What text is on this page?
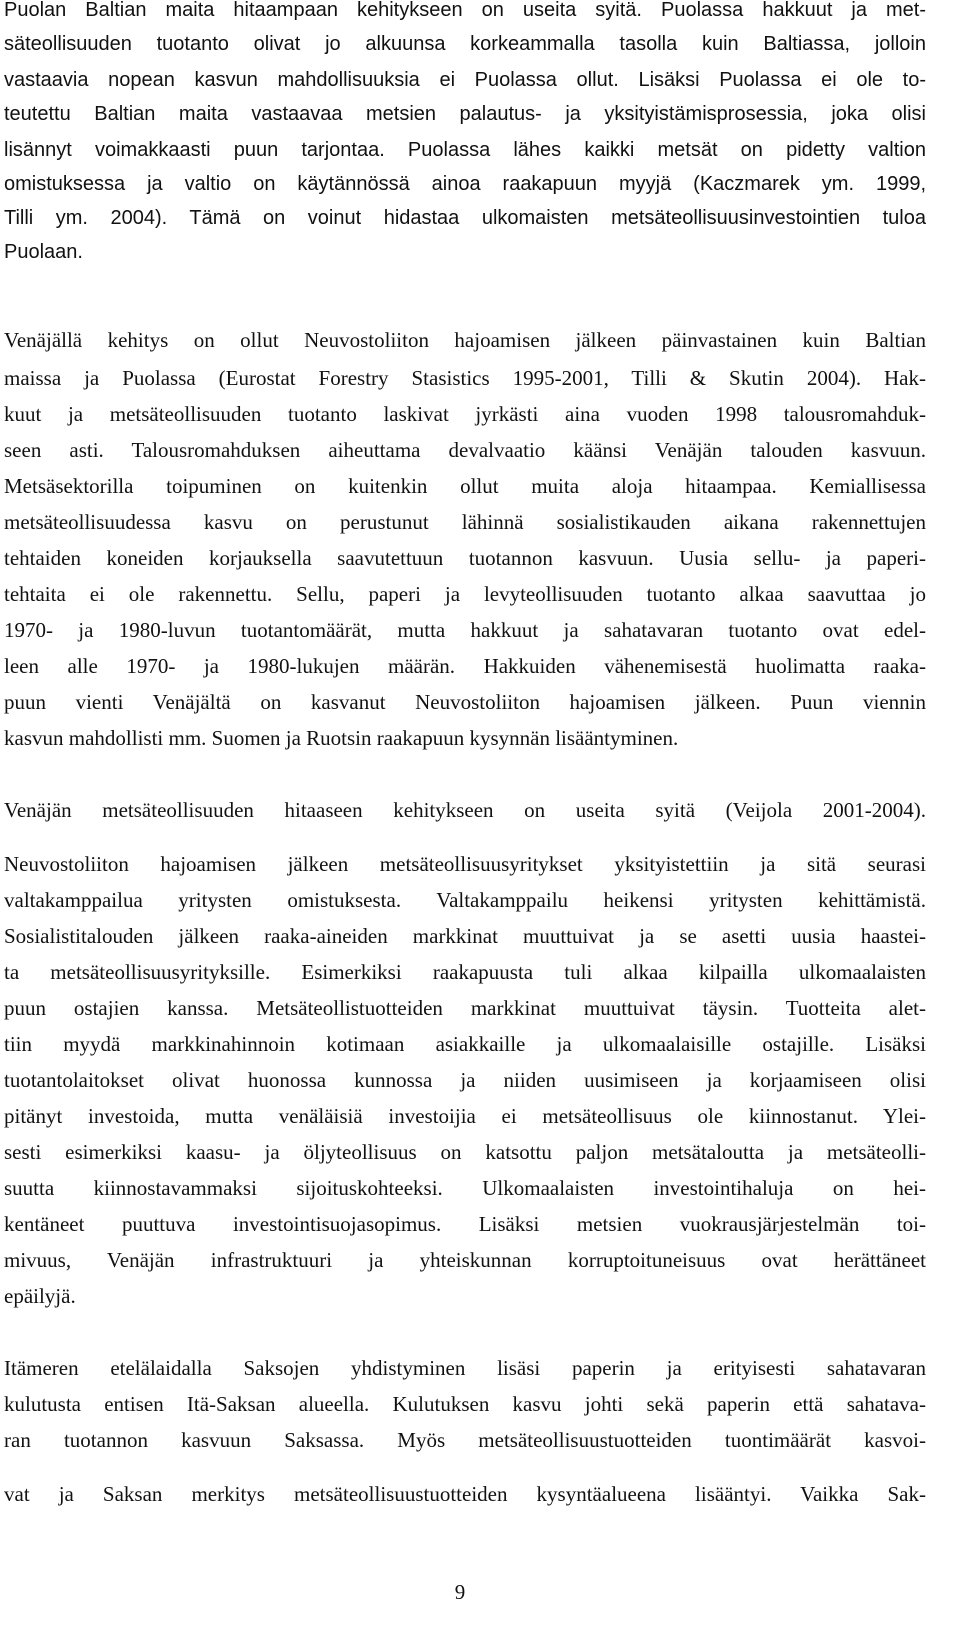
Puolan Baltian maita hitaampaan kehitykseen on useita syitä. Puolassa hakkuut ja met-
säteollisuuden tuotanto olivat jo alkuunsa korkeammalla tasolla kuin Baltiassa, jolloin
vastaavia nopean kasvun mahdollisuuksia ei Puolassa ollut. Lisäksi Puolassa ei ole to-
teutettu Baltian maita vastaavaa metsien palautus- ja yksityistämisprosessia, joka olisi
lisännyt voimakkaasti puun tarjontaa. Puolassa lähes kaikki metsät on pidetty valtion
omistuksessa ja valtio on käytännössä ainoa raakapuun myyjä (Kaczmarek ym. 1999,
Tilli ym. 2004). Tämä on voinut hidastaa ulkomaisten metsäteollisuusinvestointien tuloa
Puolaan.
Venäjällä kehitys on ollut Neuvostoliiton hajoamisen jälkeen päinvastainen kuin Baltian
maissa ja Puolassa (Eurostat Forestry Stasistics 1995-2001, Tilli & Skutin 2004). Hak-
kuut ja metsäteollisuuden tuotanto laskivat jyrkästi aina vuoden 1998 talousromahduk-
seen asti. Talousromahduksen aiheuttama devalvaatio käänsi Venäjän talouden kasvuun.
Metsäsektorilla toipuminen on kuitenkin ollut muita aloja hitaampaa. Kemiallisessa
metsäteollisuudessa kasvu on perustunut lähinnä sosialistikauden aikana rakennettujen
tehtaiden koneiden korjauksella saavutettuun tuotannon kasvuun. Uusia sellu- ja paperi-
tehtaita ei ole rakennettu. Sellu, paperi ja levyteollisuuden tuotanto alkaa saavuttaa jo
1970- ja 1980-luvun tuotantomäärät, mutta hakkuut ja sahatavaran tuotanto ovat edel-
leen alle 1970- ja 1980-lukujen määrän. Hakkuiden vähenemisestä huolimatta raaka-
puun vienti Venäjältä on kasvanut Neuvostoliiton hajoamisen jälkeen. Puun viennin
kasvun mahdollisti mm. Suomen ja Ruotsin raakapuun kysynnän lisääntyminen.
Venäjän metsäteollisuuden hitaaseen kehitykseen on useita syitä (Veijola 2001-2004).
Neuvostoliiton hajoamisen jälkeen metsäteollisuusyritykset yksityistettiin ja sitä seurasi
valtakamppailua yritysten omistuksesta. Valtakamppailu heikensi yritysten kehittämistä.
Sosialistitalouden jälkeen raaka-aineiden markkinat muuttuivat ja se asetti uusia haastei-
ta metsäteollisuusyrityksille. Esimerkiksi raakapuusta tuli alkaa kilpailla ulkomaalaisten
puun ostajien kanssa. Metsäteollistuotteiden markkinat muuttuivat täysin. Tuotteita alet-
tiin myydä markkinahinnoin kotimaan asiakkaille ja ulkomaalaisille ostajille. Lisäksi
tuotantolaitokset olivat huonossa kunnossa ja niiden uusimiseen ja korjaamiseen olisi
pitänyt investoida, mutta venäläisiä investoijia ei metsäteollisuus ole kiinnostanut. Ylei-
sesti esimerkiksi kaasu- ja öljyteollisuus on katsottu paljon metsätaloutta ja metsäteolli-
suutta kiinnostavammaksi sijoituskohteeksi. Ulkomaalaisten investointihaluja on hei-
kentäneet puuttuva investointisuojasopimus. Lisäksi metsien vuokrausjärjestelmän toi-
mivuus, Venäjän infrastruktuuri ja yhteiskunnan korruptoituneisuus ovat herättäneet
epäilyjä.
Itämeren etelälaidalla Saksojen yhdistyminen lisäsi paperin ja erityisesti sahatavaran
kulutusta entisen Itä-Saksan alueella. Kulutuksen kasvu johti sekä paperin että sahatava-
ran tuotannon kasvuun Saksassa. Myös metsäteollisuustuotteiden tuontimäärät kasvoi-
vat ja Saksan merkitys metsäteollisuustuotteiden kysyntäalueena lisääntyi. Vaikka Sak-
9
